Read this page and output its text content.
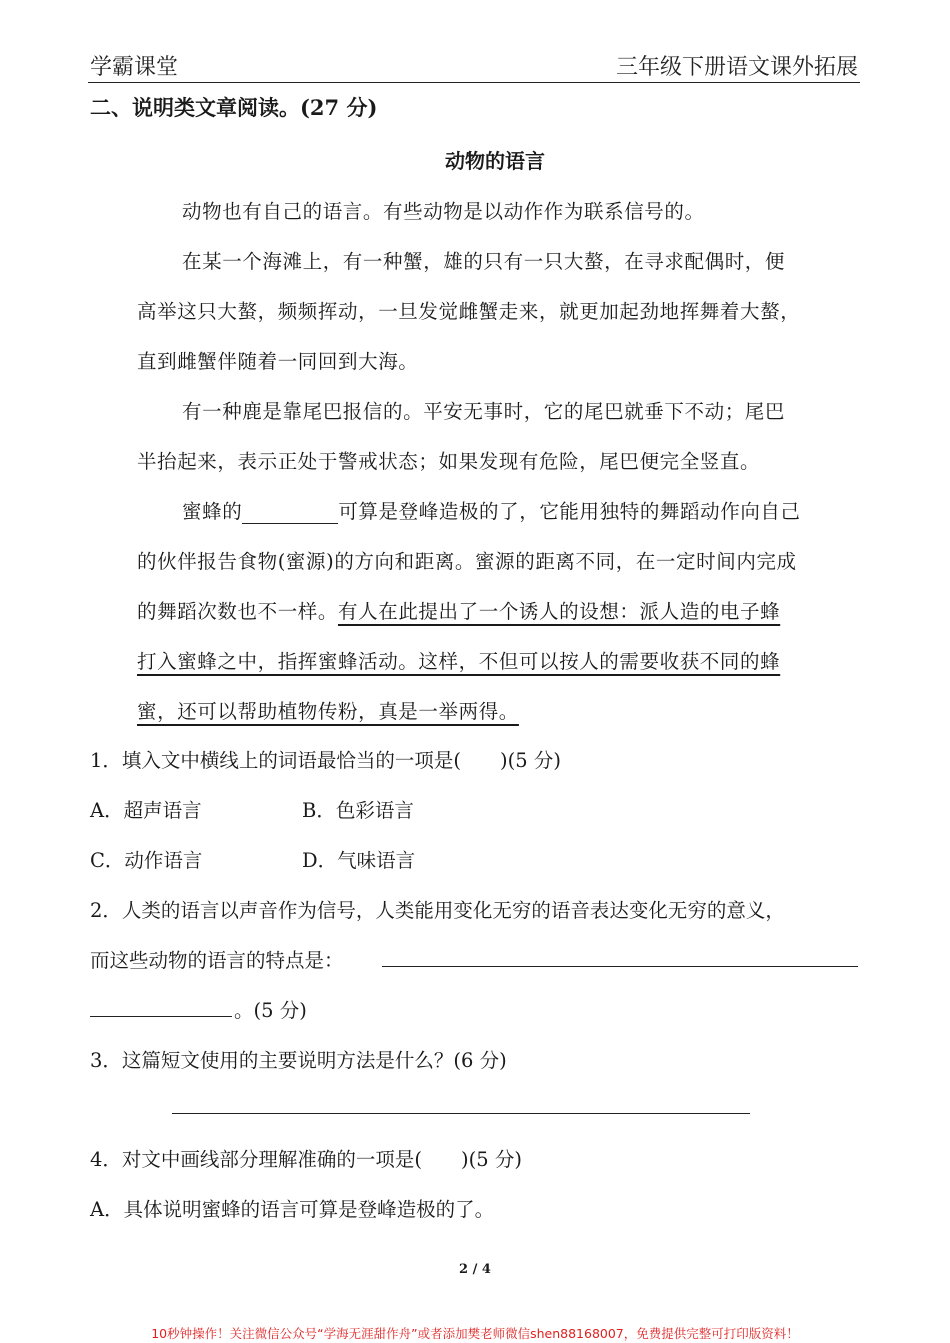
学霸课堂	三年级下册语文课外拓展
二、说明类文章阅读。(27 分)
动物的语言
动物也有自己的语言。有些动物是以动作作为联系信号的。
在某一个海滩上，有一种蟹，雄的只有一只大螯，在寻求配偶时，便
高举这只大螯，频频挥动，一旦发觉雌蟹走来，就更加起劲地挥舞着大螯，
直到雌蟹伴随着一同回到大海。
有一种鹿是靠尾巴报信的。平安无事时，它的尾巴就垂下不动；尾巴
半抬起来，表示正处于警戒状态；如果发现有危险，尾巴便完全竖直。
蜜蜂的	可算是登峰造极的了，它能用独特的舞蹈动作向自己
的伙伴报告食物(蜜源)的方向和距离。蜜源的距离不同，在一定时间内完成
的舞蹈次数也不一样。有人在此提出了一个诱人的设想：派人造的电子蜂
打入蜜蜂之中，指挥蜜蜂活动。这样，不但可以按人的需要收获不同的蜂
蜜，还可以帮助植物传粉，真是一举两得。
1．填入文中横线上的词语最恰当的一项是(　　)(5 分)
A．超声语言	B．色彩语言
C．动作语言	D．气味语言
2．人类的语言以声音作为信号，人类能用变化无穷的语音表达变化无穷的意义，
而这些动物的语言的特点是：
。(5 分)
3．这篇短文使用的主要说明方法是什么？(6 分)
4．对文中画线部分理解准确的一项是(　　)(5 分)
A．具体说明蜜蜂的语言可算是登峰造极的了。
2 / 4
10秒钟操作！关注微信公众号“学海无涯甜作舟”或者添加樊老师微信shen88168007，免费提供完整可打印版资料！
